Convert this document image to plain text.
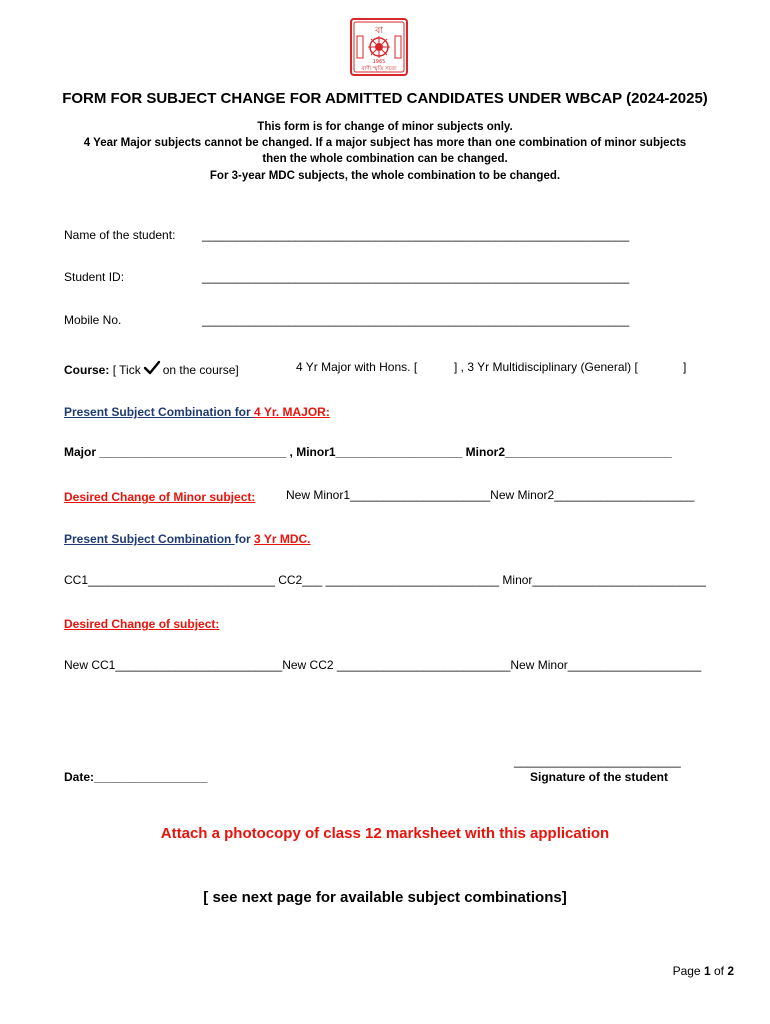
বা
1965
বাণী স্মৃতি সত্যে
FORM FOR SUBJECT CHANGE FOR ADMITTED CANDIDATES UNDER WBCAP (2024-2025)
This form is for change of minor subjects only.
4 Year Major subjects cannot be changed. If a major subject has more than one combination of minor subjects
then the whole combination can be changed.
For 3-year MDC subjects, the whole combination to be changed.
Name of the student: ________________________________________________________________
Student ID:	________________________________________________________________
Mobile No.	________________________________________________________________
Course: [ Tick on the course]	4 Yr Major with Hons. [	] , 3 Yr Multidisciplinary (General) [	]
Present Subject Combination for 4 Yr. MAJOR:
Major ____________________________ , Minor1___________________ Minor2_________________________
Desired Change of Minor subject:	New Minor1_____________________New Minor2_____________________
Present Subject Combination for 3 Yr MDC.
CC1____________________________ CC2___ __________________________ Minor__________________________
Desired Change of subject:
New CC1_________________________New CC2 __________________________New Minor____________________
_________________________
Signature of the student
Date:_________________
Attach a photocopy of class 12 marksheet with this application
[ see next page for available subject combinations]
Page 1 of 2
